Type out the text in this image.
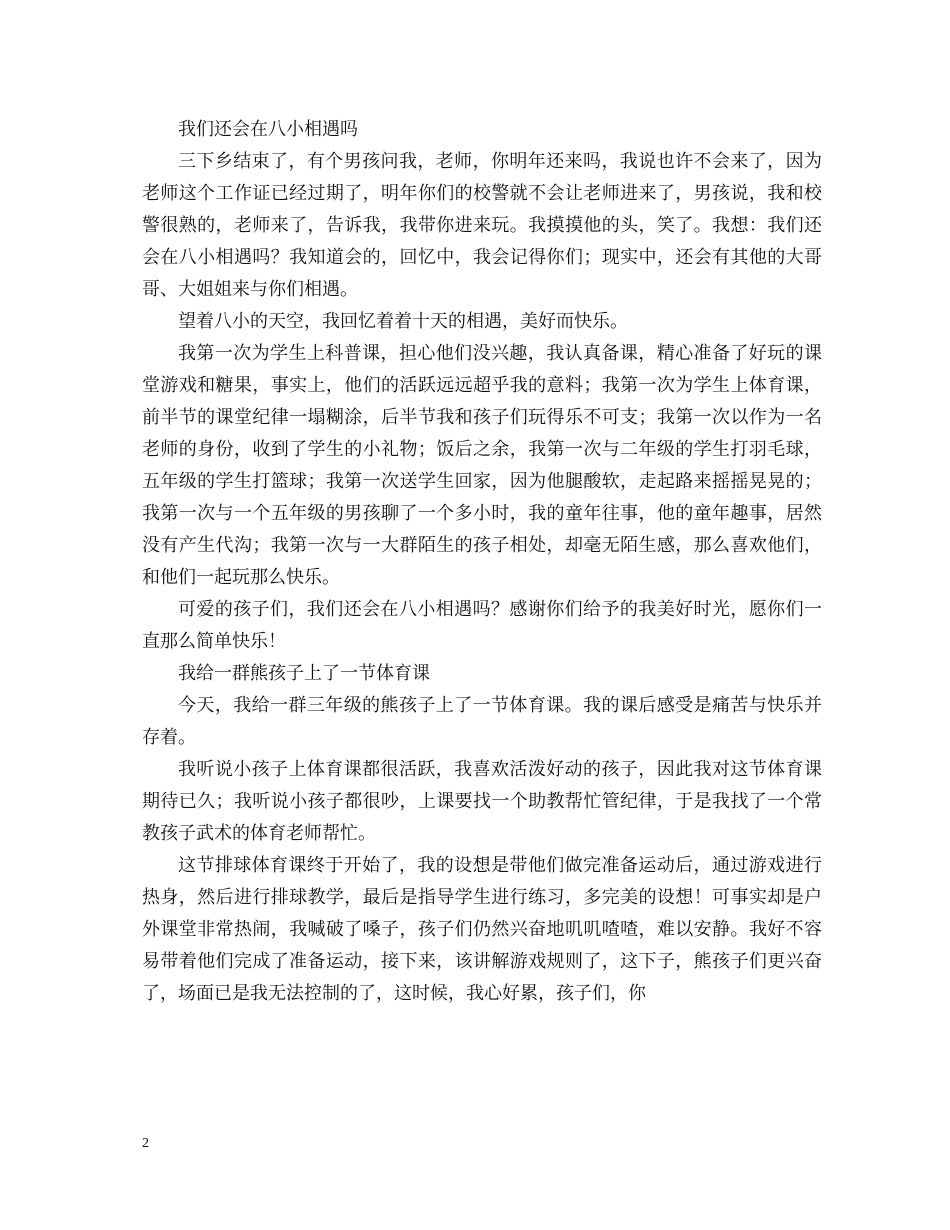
我们还会在八小相遇吗

三下乡结束了，有个男孩问我，老师，你明年还来吗，我说也许不会来了，因为老师这个工作证已经过期了，明年你们的校警就不会让老师进来了，男孩说，我和校警很熟的，老师来了，告诉我，我带你进来玩。我摸摸他的头，笑了。我想：我们还会在八小相遇吗？我知道会的，回忆中，我会记得你们；现实中，还会有其他的大哥哥、大姐姐来与你们相遇。

望着八小的天空，我回忆着着十天的相遇，美好而快乐。

我第一次为学生上科普课，担心他们没兴趣，我认真备课，精心准备了好玩的课堂游戏和糖果，事实上，他们的活跃远远超乎我的意料；我第一次为学生上体育课，前半节的课堂纪律一塌糊涂，后半节我和孩子们玩得乐不可支；我第一次以作为一名老师的身份，收到了学生的小礼物；饭后之余，我第一次与二年级的学生打羽毛球，五年级的学生打篮球；我第一次送学生回家，因为他腿酸软，走起路来摇摇晃晃的；我第一次与一个五年级的男孩聊了一个多小时，我的童年往事，他的童年趣事，居然没有产生代沟；我第一次与一大群陌生的孩子相处，却毫无陌生感，那么喜欢他们，和他们一起玩那么快乐。

可爱的孩子们，我们还会在八小相遇吗？感谢你们给予的我美好时光，愿你们一直那么简单快乐！

我给一群熊孩子上了一节体育课

今天，我给一群三年级的熊孩子上了一节体育课。我的课后感受是痛苦与快乐并存着。

我听说小孩子上体育课都很活跃，我喜欢活泼好动的孩子，因此我对这节体育课期待已久；我听说小孩子都很吵，上课要找一个助教帮忙管纪律，于是我找了一个常教孩子武术的体育老师帮忙。

这节排球体育课终于开始了，我的设想是带他们做完准备运动后，通过游戏进行热身，然后进行排球教学，最后是指导学生进行练习，多完美的设想！可事实却是户外课堂非常热闹，我喊破了嗓子，孩子们仍然兴奋地叽叽喳喳，难以安静。我好不容易带着他们完成了准备运动，接下来，该讲解游戏规则了，这下子，熊孩子们更兴奋了，场面已是我无法控制的了，这时候，我心好累，孩子们，你

2
